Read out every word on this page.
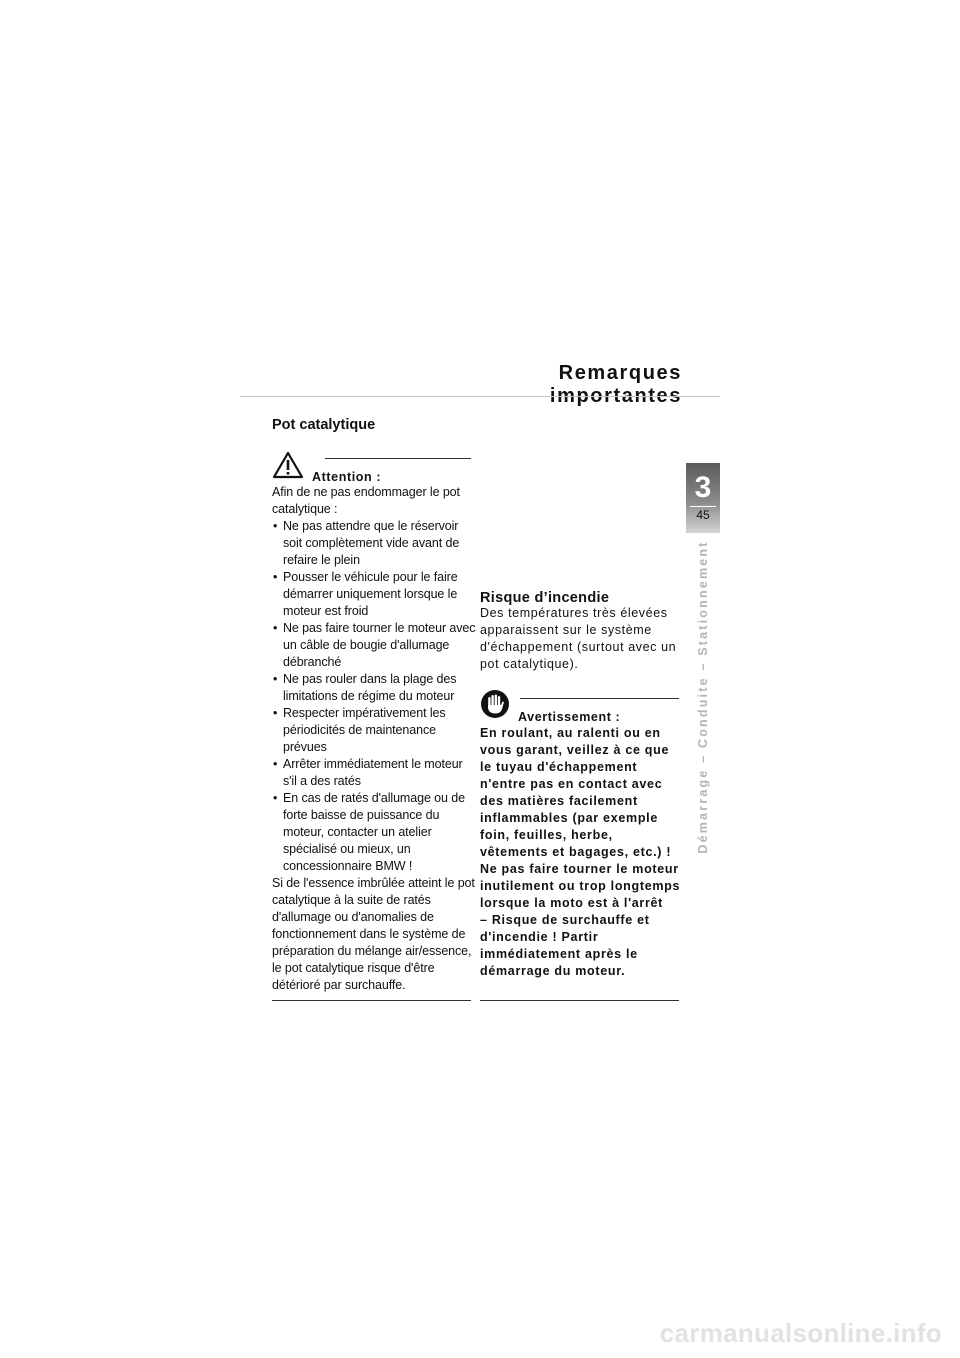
Remarques importantes
3
45
Démarrage – Conduite – Stationnement
Pot catalytique
Attention :

Afin de ne pas endommager le pot catalytique :

• Ne pas attendre que le réservoir soit complètement vide avant de refaire le plein
• Pousser le véhicule pour le faire démarrer uniquement lorsque le moteur est froid
• Ne pas faire tourner le moteur avec un câble de bougie d'allumage débranché
• Ne pas rouler dans la plage des limitations de régime du moteur
• Respecter impérativement les périodicités de maintenance prévues
• Arrêter immédiatement le moteur s'il a des ratés
• En cas de ratés d'allumage ou de forte baisse de puissance du moteur, contacter un atelier spécialisé ou mieux, un concessionnaire BMW !

Si de l'essence imbrûlée atteint le pot catalytique à la suite de ratés d'allumage ou d'anomalies de fonctionnement dans le système de préparation du mélange air/essence, le pot catalytique risque d'être détérioré par surchauffe.

Risque d’incendie
Des températures très élevées apparaissent sur le système d'échappement (surtout avec un pot catalytique).
Avertissement :

En roulant, au ralenti ou en vous garant, veillez à ce que le tuyau d'échappement n'entre pas en contact avec des matières facilement inflammables (par exemple foin, feuilles, herbe, vêtements et bagages, etc.) !

Ne pas faire tourner le moteur inutilement ou trop longtemps lorsque la moto est à l'arrêt

– Risque de surchauffe et d'incendie ! Partir immédiatement après le démarrage du moteur.

carmanualsonline.info
